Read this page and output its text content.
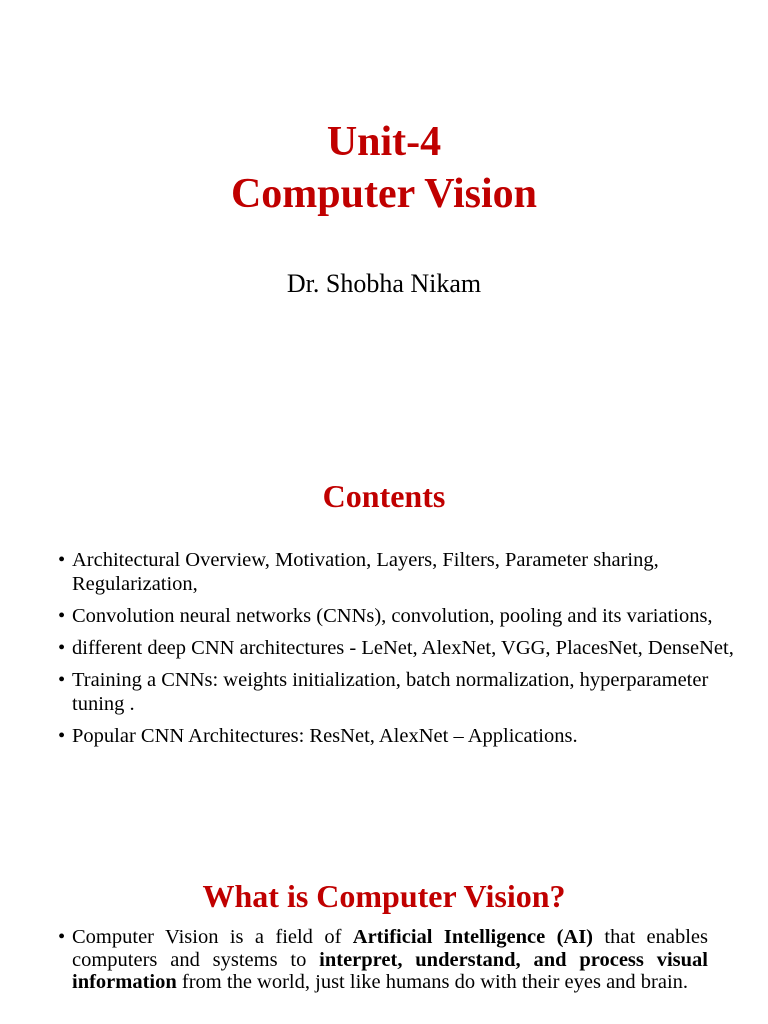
Unit-4
Computer Vision
Dr. Shobha Nikam
Contents
• Architectural Overview, Motivation, Layers, Filters, Parameter sharing, Regularization,
• Convolution neural networks (CNNs), convolution, pooling and its variations,
• different deep CNN architectures - LeNet, AlexNet, VGG, PlacesNet, DenseNet,
• Training a CNNs: weights initialization, batch normalization, hyperparameter tuning .
• Popular CNN Architectures: ResNet, AlexNet – Applications.
What is Computer Vision?
• Computer Vision is a field of Artificial Intelligence (AI) that enables computers and systems to interpret, understand, and process visual information from the world, just like humans do with their eyes and brain.
